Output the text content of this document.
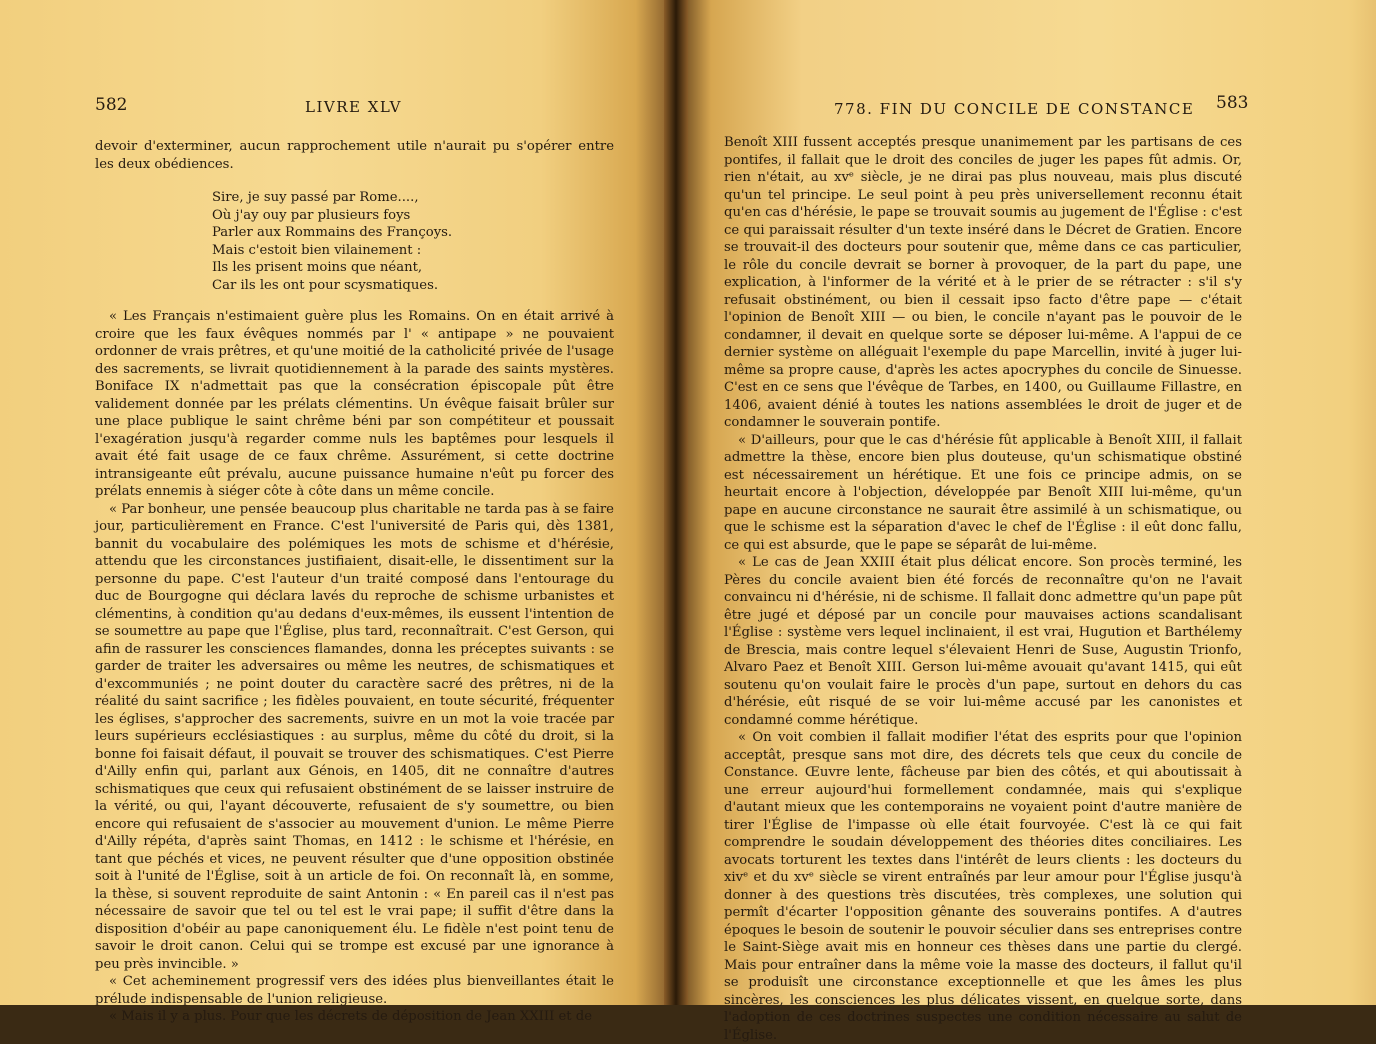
582	LIVRE XLV

devoir d'exterminer, aucun rapprochement utile n'aurait pu s'opérer entre les deux obédiences.

Sire, je suy passé par Rome....,
Où j'ay ouy par plusieurs foys
Parler aux Rommains des Françoys.
Mais c'estoit bien vilainement :
Ils les prisent moins que néant,
Car ils les ont pour scysmatiques.

« Les Français n'estimaient guère plus les Romains. On en était arrivé à croire que les faux évêques nommés par l' « antipape » ne pouvaient ordonner de vrais prêtres, et qu'une moitié de la catholicité privée de l'usage des sacrements, se livrait quotidiennement à la parade des saints mystères. Boniface IX n'admettait pas que la consécration épiscopale pût être validement donnée par les prélats clémentins. Un évêque faisait brûler sur une place publique le saint chrême béni par son compétiteur et poussait l'exagération jusqu'à regarder comme nuls les baptêmes pour lesquels il avait été fait usage de ce faux chrême. Assurément, si cette doctrine intransigeante eût prévalu, aucune puissance humaine n'eût pu forcer des prélats ennemis à siéger côte à côte dans un même concile.

« Par bonheur, une pensée beaucoup plus charitable ne tarda pas à se faire jour, particulièrement en France. C'est l'université de Paris qui, dès 1381, bannit du vocabulaire des polémiques les mots de schisme et d'hérésie, attendu que les circonstances justifiaient, disait-elle, le dissentiment sur la personne du pape. C'est l'auteur d'un traité composé dans l'entourage du duc de Bourgogne qui déclara lavés du reproche de schisme urbanistes et clémentins, à condition qu'au dedans d'eux-mêmes, ils eussent l'intention de se soumettre au pape que l'Église, plus tard, reconnaîtrait. C'est Gerson, qui afin de rassurer les consciences flamandes, donna les préceptes suivants : se garder de traiter les adversaires ou même les neutres, de schismatiques et d'excommuniés ; ne point douter du caractère sacré des prêtres, ni de la réalité du saint sacrifice ; les fidèles pouvaient, en toute sécurité, fréquenter les églises, s'approcher des sacrements, suivre en un mot la voie tracée par leurs supérieurs ecclésiastiques : au surplus, même du côté du droit, si la bonne foi faisait défaut, il pouvait se trouver des schismatiques. C'est Pierre d'Ailly enfin qui, parlant aux Génois, en 1405, dit ne connaître d'autres schismatiques que ceux qui refusaient obstinément de se laisser instruire de la vérité, ou qui, l'ayant découverte, refusaient de s'y soumettre, ou bien encore qui refusaient de s'associer au mouvement d'union. Le même Pierre d'Ailly répéta, d'après saint Thomas, en 1412 : le schisme et l'hérésie, en tant que péchés et vices, ne peuvent résulter que d'une opposition obstinée soit à l'unité de l'Église, soit à un article de foi. On reconnaît là, en somme, la thèse, si souvent reproduite de saint Antonin : « En pareil cas il n'est pas nécessaire de savoir que tel ou tel est le vrai pape; il suffit d'être dans la disposition d'obéir au pape canoniquement élu. Le fidèle n'est point tenu de savoir le droit canon. Celui qui se trompe est excusé par une ignorance à peu près invincible. »

« Cet acheminement progressif vers des idées plus bienveillantes était le prélude indispensable de l'union religieuse.

« Mais il y a plus. Pour que les décrets de déposition de Jean XXIII et de

778. FIN DU CONCILE DE CONSTANCE 583

Benoît XIII fussent acceptés presque unanimement par les partisans de ces pontifes, il fallait que le droit des conciles de juger les papes fût admis. Or, rien n'était, au xvᵉ siècle, je ne dirai pas plus nouveau, mais plus discuté qu'un tel principe. Le seul point à peu près universellement reconnu était qu'en cas d'hérésie, le pape se trouvait soumis au jugement de l'Église : c'est ce qui paraissait résulter d'un texte inséré dans le Décret de Gratien. Encore se trouvait-il des docteurs pour soutenir que, même dans ce cas particulier, le rôle du concile devrait se borner à provoquer, de la part du pape, une explication, à l'informer de la vérité et à le prier de se rétracter : s'il s'y refusait obstinément, ou bien il cessait ipso facto d'être pape — c'était l'opinion de Benoît XIII — ou bien, le concile n'ayant pas le pouvoir de le condamner, il devait en quelque sorte se déposer lui-même. A l'appui de ce dernier système on alléguait l'exemple du pape Marcellin, invité à juger lui-même sa propre cause, d'après les actes apocryphes du concile de Sinuesse. C'est en ce sens que l'évêque de Tarbes, en 1400, ou Guillaume Fillastre, en 1406, avaient dénié à toutes les nations assemblées le droit de juger et de condamner le souverain pontife.

« D'ailleurs, pour que le cas d'hérésie fût applicable à Benoît XIII, il fallait admettre la thèse, encore bien plus douteuse, qu'un schismatique obstiné est nécessairement un hérétique. Et une fois ce principe admis, on se heurtait encore à l'objection, développée par Benoît XIII lui-même, qu'un pape en aucune circonstance ne saurait être assimilé à un schismatique, ou que le schisme est la séparation d'avec le chef de l'Église : il eût donc fallu, ce qui est absurde, que le pape se séparât de lui-même.

« Le cas de Jean XXIII était plus délicat encore. Son procès terminé, les Pères du concile avaient bien été forcés de reconnaître qu'on ne l'avait convaincu ni d'hérésie, ni de schisme. Il fallait donc admettre qu'un pape pût être jugé et déposé par un concile pour mauvaises actions scandalisant l'Église : système vers lequel inclinaient, il est vrai, Hugution et Barthélemy de Brescia, mais contre lequel s'élevaient Henri de Suse, Augustin Trionfo, Alvaro Paez et Benoît XIII. Gerson lui-même avouait qu'avant 1415, qui eût soutenu qu'on voulait faire le procès d'un pape, surtout en dehors du cas d'hérésie, eût risqué de se voir lui-même accusé par les canonistes et condamné comme hérétique.

« On voit combien il fallait modifier l'état des esprits pour que l'opinion acceptât, presque sans mot dire, des décrets tels que ceux du concile de Constance. Œuvre lente, fâcheuse par bien des côtés, et qui aboutissait à une erreur aujourd'hui formellement condamnée, mais qui s'explique d'autant mieux que les contemporains ne voyaient point d'autre manière de tirer l'Église de l'impasse où elle était fourvoyée. C'est là ce qui fait comprendre le soudain développement des théories dites conciliaires. Les avocats torturent les textes dans l'intérêt de leurs clients : les docteurs du xivᵉ et du xvᵉ siècle se virent entraînés par leur amour pour l'Église jusqu'à donner à des questions très discutées, très complexes, une solution qui permît d'écarter l'opposition gênante des souverains pontifes. A d'autres époques le besoin de soutenir le pouvoir séculier dans ses entreprises contre le Saint-Siège avait mis en honneur ces thèses dans une partie du clergé. Mais pour entraîner dans la même voie la masse des docteurs, il fallut qu'il se produisît une circonstance exceptionnelle et que les âmes les plus sincères, les consciences les plus délicates vissent, en quelque sorte, dans l'adoption de ces doctrines suspectes une condition nécessaire au salut de l'Église.
